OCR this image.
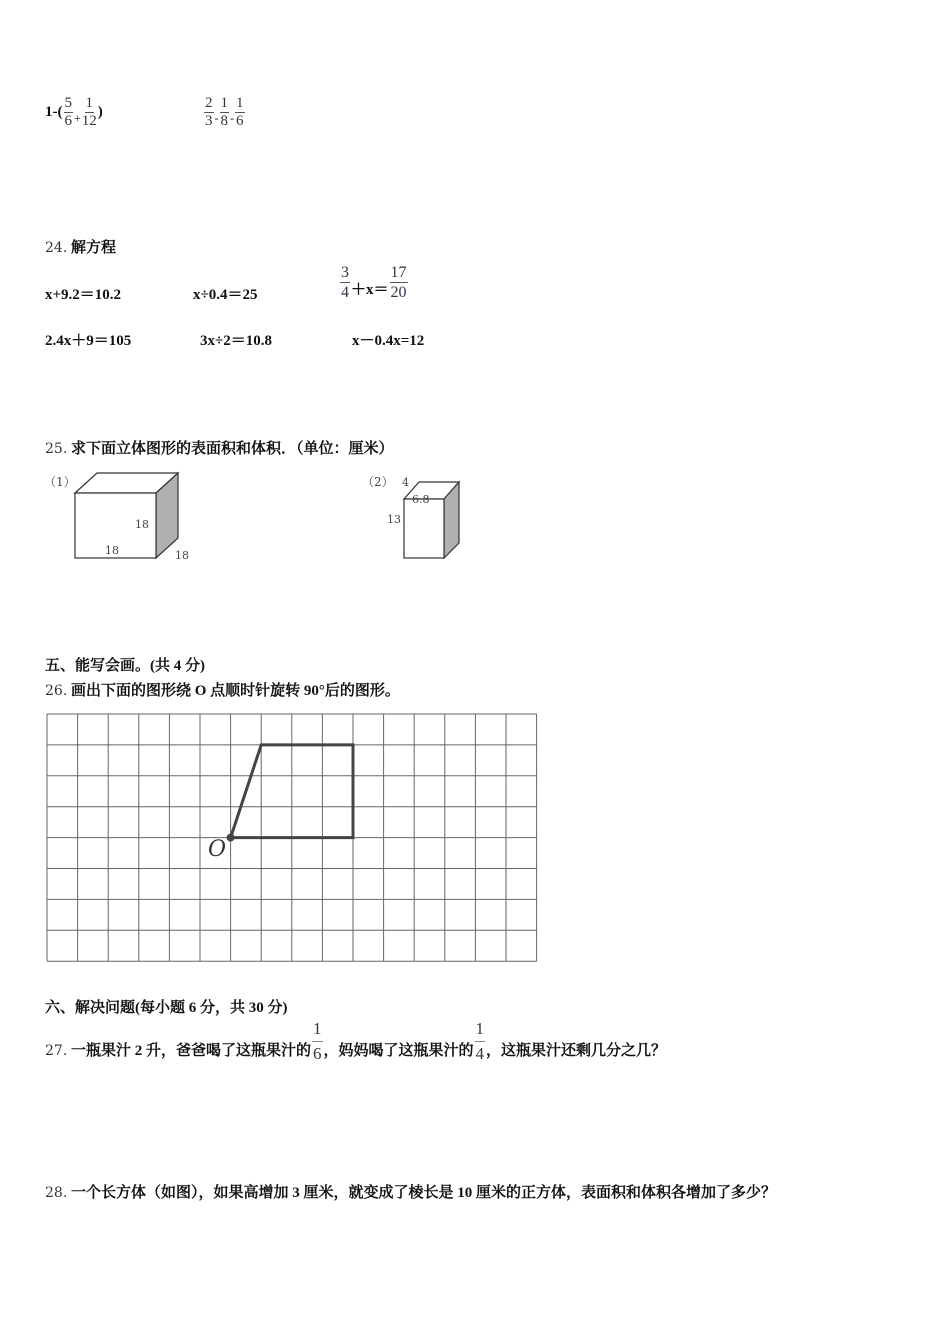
$1-( \frac{5}{6} _+ \frac{1}{12}$ )	$\frac{2}{3} _- \frac{1}{8} _- \frac{1}{6}$
24. 解方程
x+9.2＝10.2	x÷0.4＝25	$\frac{3}{4} +x= \frac{17}{20}$
2.4x＋9＝105	3x÷2＝10.8	x－0.4x=12
25. 求下面立体图形的表面积和体积．（单位：厘米）
（1）
18
18	18
（2） 4
6.8
13
五、能写会画。(共 4 分)
26. 画出下面的图形绕 O 点顺时针旋转 90°后的图形。
O
六、解决问题(每小题 6 分，共 30 分)
27. 一瓶果汁 2 升，爸爸喝了这瓶果汁的 $\frac{1}{6}$ ，妈妈喝了这瓶果汁的 $\frac{1}{4}$ ，这瓶果汁还剩几分之几？
28. 一个长方体（如图），如果高增加 3 厘米，就变成了棱长是 10 厘米的正方体，表面积和体积各增加了多少？
